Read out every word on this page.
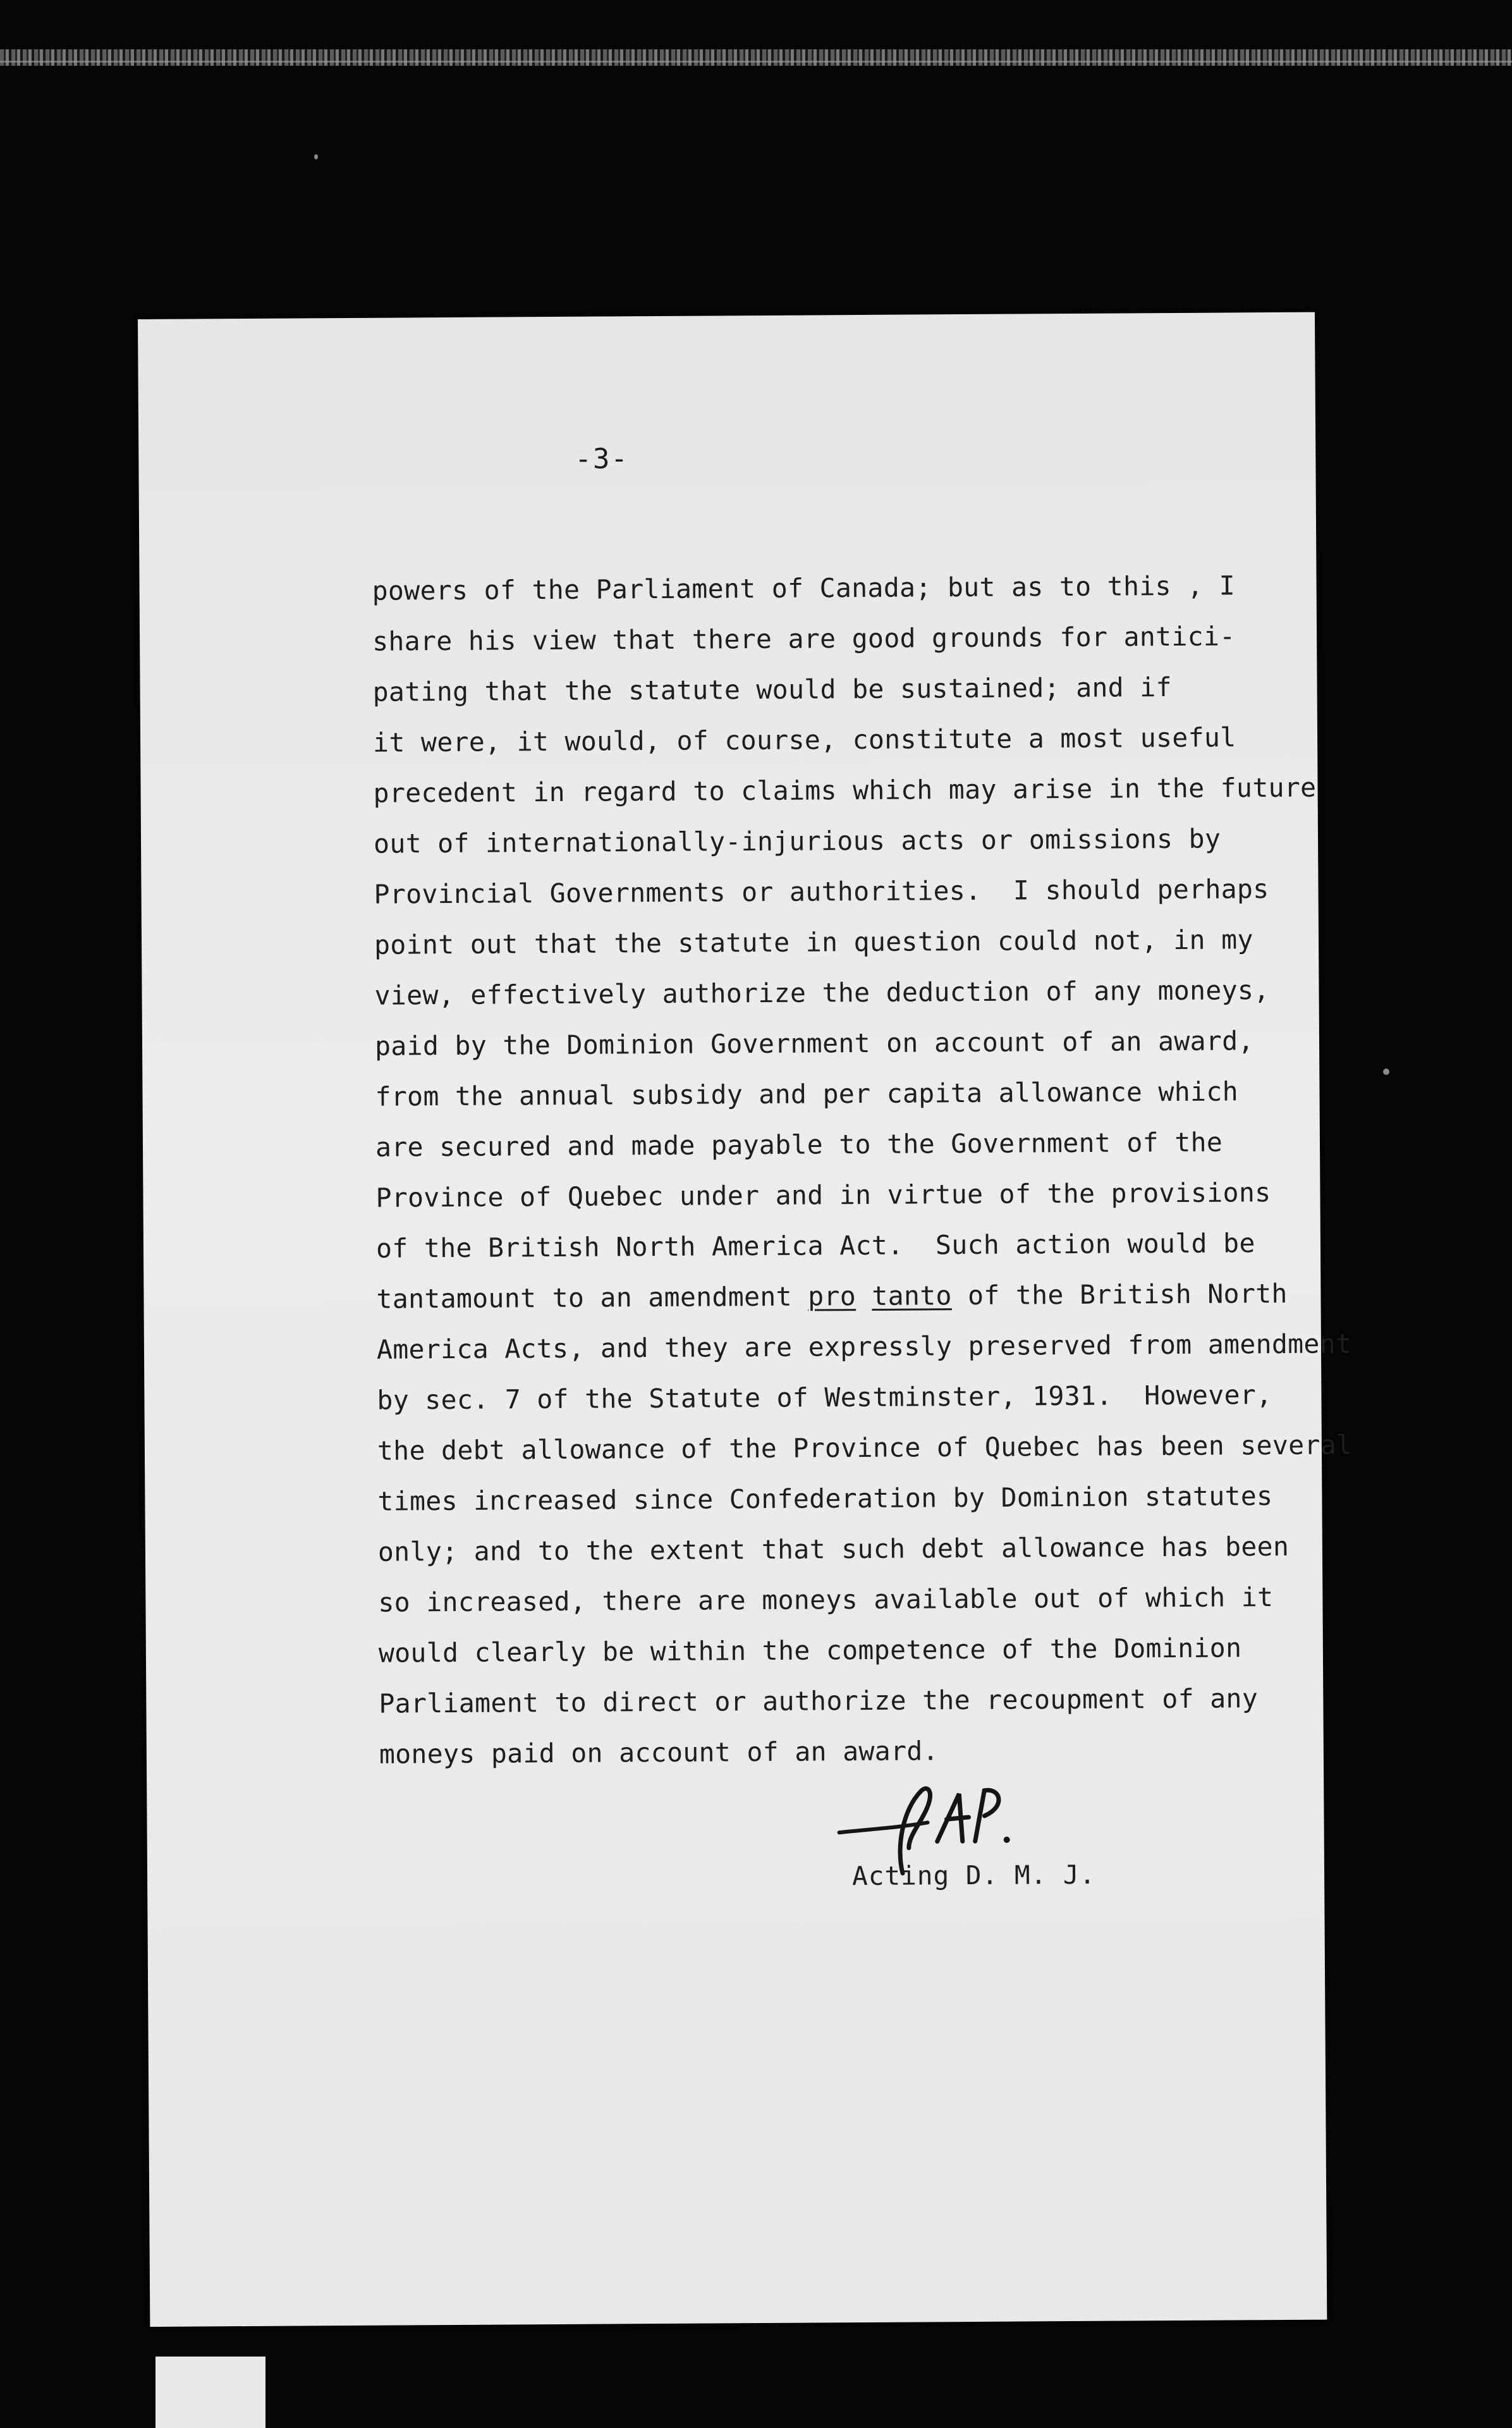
-3-
powers of the Parliament of Canada; but as to this , I
share his view that there are good grounds for antici-
pating that the statute would be sustained; and if
it were, it would, of course, constitute a most useful
precedent in regard to claims which may arise in the future
out of internationally-injurious acts or omissions by
Provincial Governments or authorities.  I should perhaps
point out that the statute in question could not, in my
view, effectively authorize the deduction of any moneys,
paid by the Dominion Government on account of an award,
from the annual subsidy and per capita allowance which
are secured and made payable to the Government of the
Province of Quebec under and in virtue of the provisions
of the British North America Act.  Such action would be
tantamount to an amendment pro tanto of the British North
America Acts, and they are expressly preserved from amendment
by sec. 7 of the Statute of Westminster, 1931.  However,
the debt allowance of the Province of Quebec has been several
times increased since Confederation by Dominion statutes
only; and to the extent that such debt allowance has been
so increased, there are moneys available out of which it
would clearly be within the competence of the Dominion
Parliament to direct or authorize the recoupment of any
moneys paid on account of an award.
Acting D. M. J.
